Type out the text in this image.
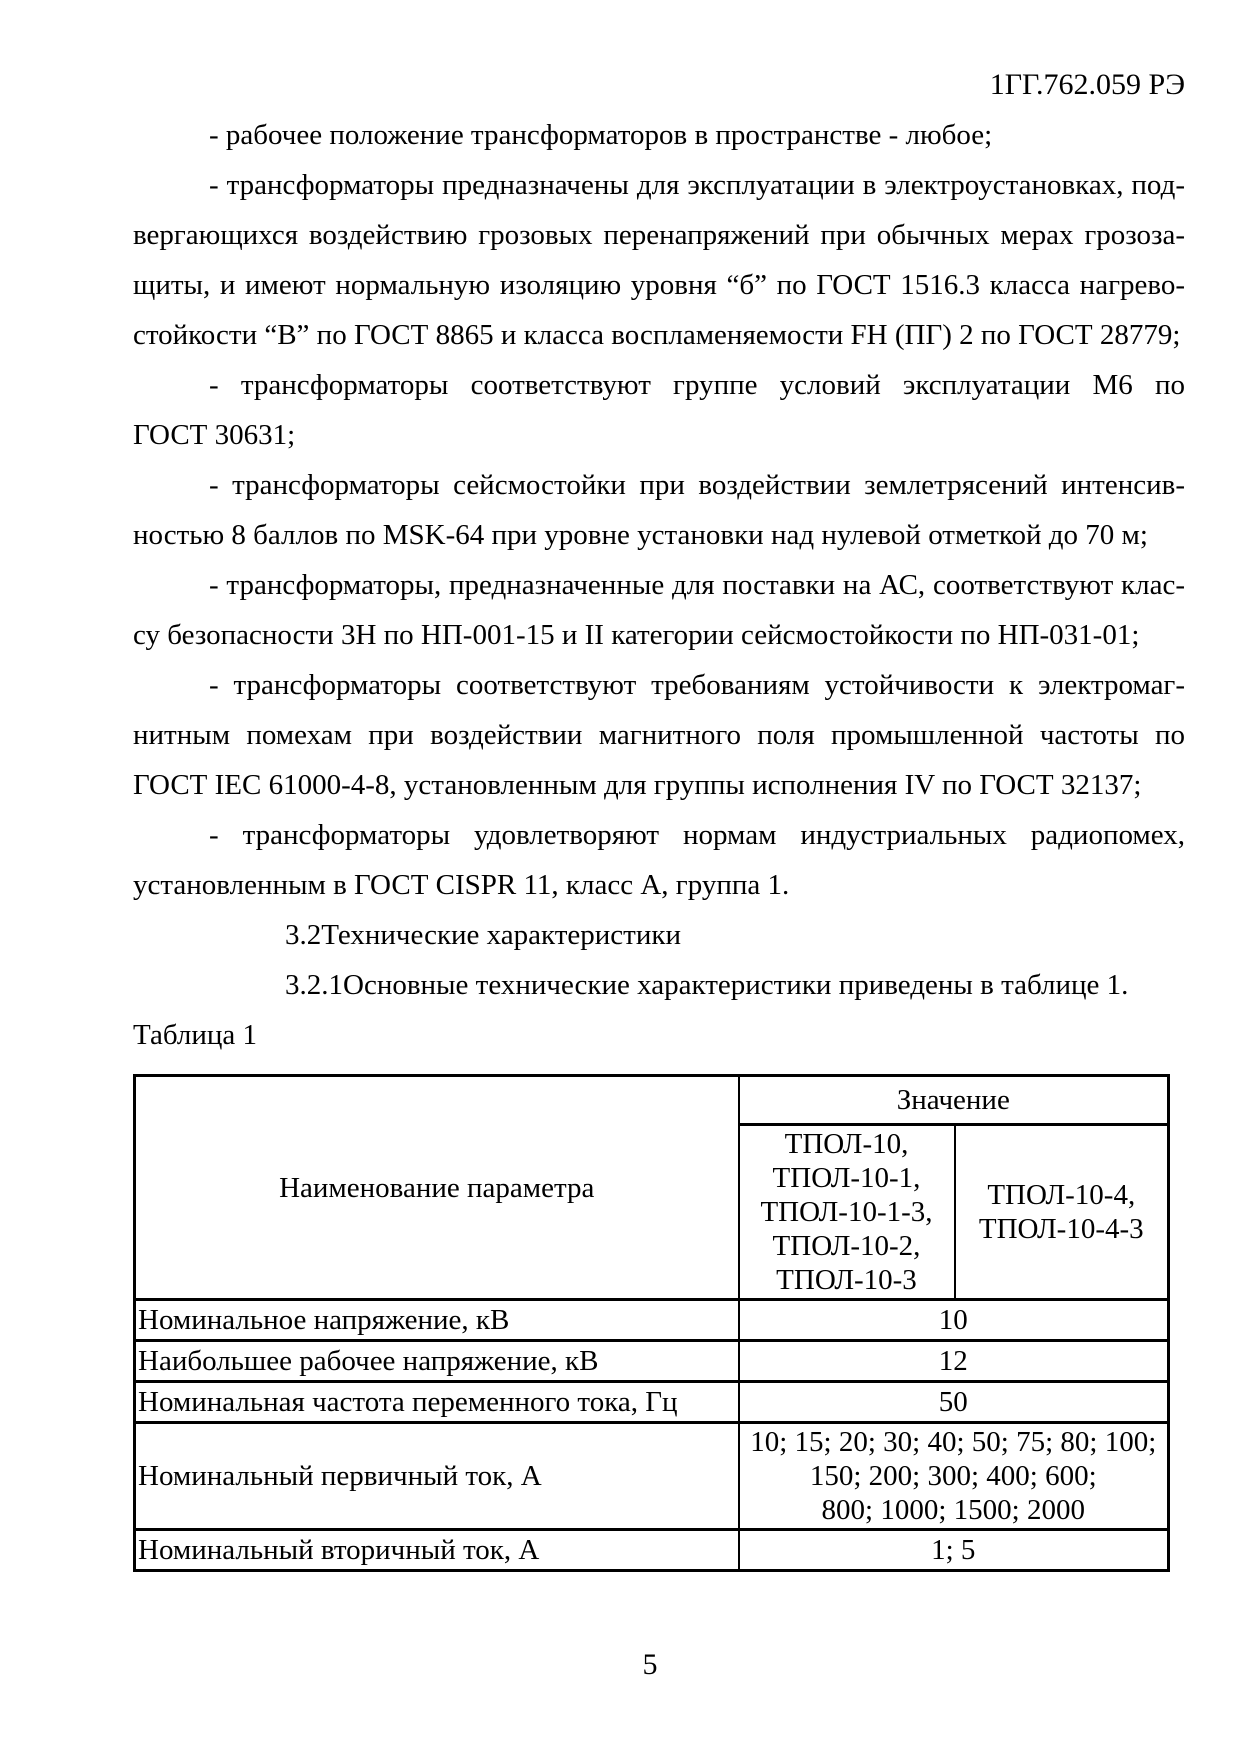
1ГГ.762.059 РЭ
- рабочее положение трансформаторов в пространстве - любое;
- трансформаторы предназначены для эксплуатации в электроустановках, под-
вергающихся воздействию грозовых перенапряжений при обычных мерах грозоза-
щиты, и имеют нормальную изоляцию уровня “б” по ГОСТ 1516.3 класса нагрево-
стойкости “В” по ГОСТ 8865 и класса воспламеняемости FH (ПГ) 2 по ГОСТ 28779;
- трансформаторы соответствуют группе условий эксплуатации М6 по
ГОСТ 30631;
- трансформаторы сейсмостойки при воздействии землетрясений интенсив-
ностью 8 баллов по MSK-64 при уровне установки над нулевой отметкой до 70 м;
- трансформаторы, предназначенные для поставки на АС, соответствуют клас-
су безопасности 3Н по НП-001-15 и II категории сейсмостойкости по НП-031-01;
- трансформаторы соответствуют требованиям устойчивости к электромаг-
нитным помехам при воздействии магнитного поля промышленной частоты по
ГОСТ IEC 61000-4-8, установленным для группы исполнения IV по ГОСТ 32137;
- трансформаторы удовлетворяют нормам индустриальных радиопомех,
установленным в ГОСТ CISPR 11, класс А, группа 1.
3.2Технические характеристики
3.2.1Основные технические характеристики приведены в таблице 1.
Таблица 1
Наименование параметра	Значение	

ТПОЛ-10,
ТПОЛ-10-1,
ТПОЛ-10-1-3,
ТПОЛ-10-2,
ТПОЛ-10-3

ТПОЛ-10-4,
ТПОЛ-10-4-3

Номинальное напряжение, кВ	10	
Наибольшее рабочее напряжение, кВ	12	
Номинальная частота переменного тока, Гц	50	
Номинальный первичный ток, А	10; 15; 20; 30; 40; 50; 75; 80; 100;
150; 200; 300; 400; 600;
800; 1000; 1500; 2000	

Номинальный вторичный ток, А	1; 5	
5
